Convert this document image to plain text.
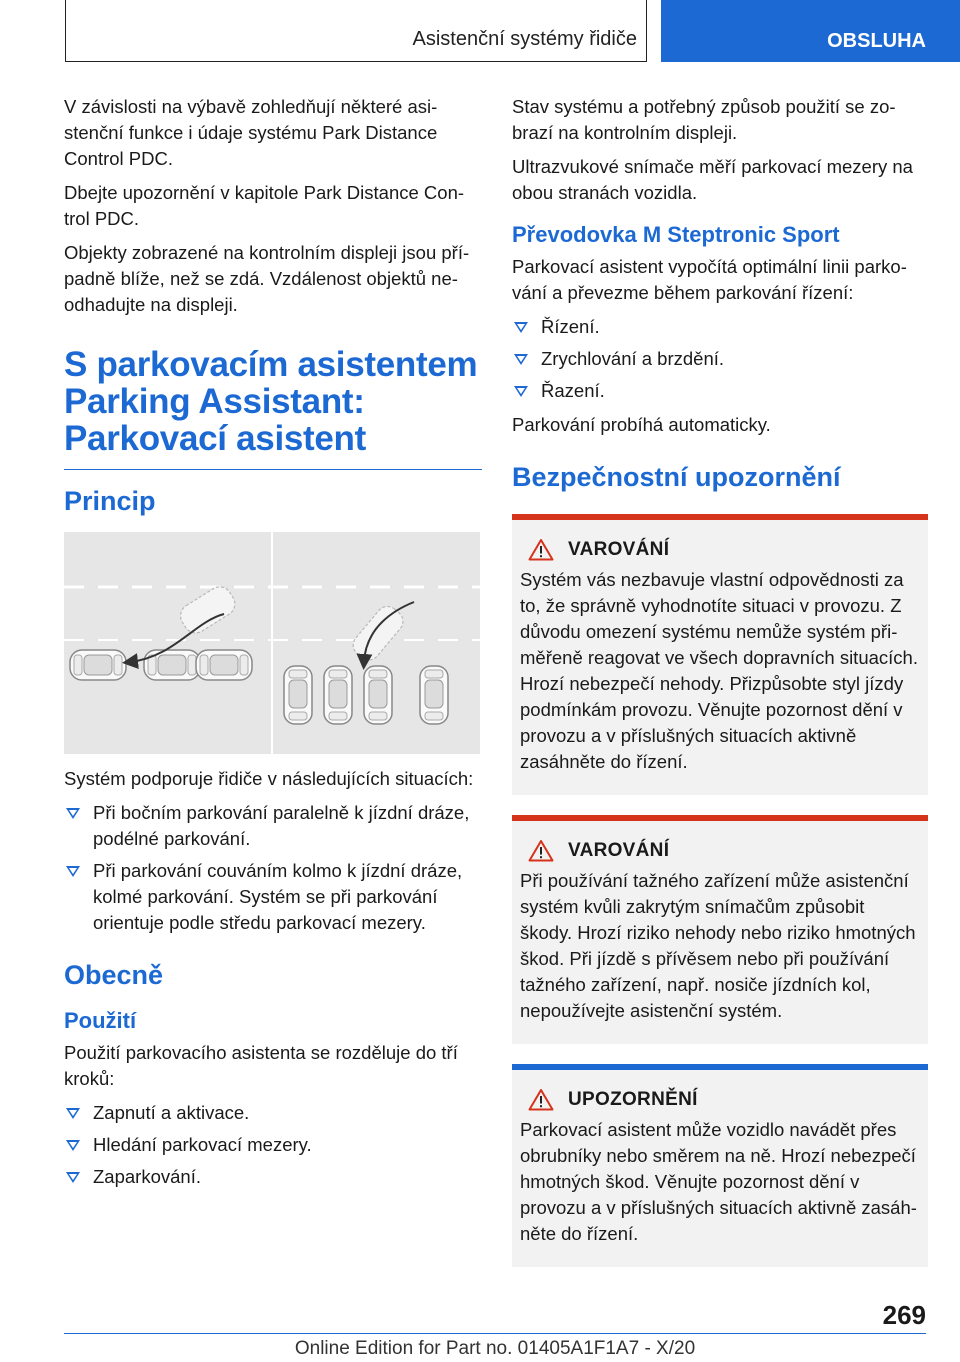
Asistenční systémy řidiče	OBSLUHA

V závislosti na výbavě zohledňují některé asistenční funkce i údaje systému Park Distance Control PDC.

Dbejte upozornění v kapitole Park Distance Control PDC.

Objekty zobrazené na kontrolním displeji jsou případně blíže, než se zdá. Vzdálenost objektů neodhadujte na displeji.

S parkovacím asistentem
Parking Assistant:
Parkovací asistent
Princip

Systém podporuje řidiče v následujících situacích:

Při bočním parkování paralelně k jízdní dráze, podélné parkování.
Při parkování couváním kolmo k jízdní dráze, kolmé parkování. Systém se při parkování orientuje podle středu parkovací mezery.
Obecně
Použití

Použití parkovacího asistenta se rozděluje do tří kroků:

Zapnutí a aktivace.
Hledání parkovací mezery.
Zaparkování.

Stav systému a potřebný způsob použití se zobrazí na kontrolním displeji.

Ultrazvukové snímače měří parkovací mezery na obou stranách vozidla.

Převodovka M Steptronic Sport

Parkovací asistent vypočítá optimální linii parkování a převezme během parkování řízení:

Řízení.
Zrychlování a brzdění.
Řazení.

Parkování probíhá automaticky.

Bezpečnostní upozornění
VAROVÁNÍ

Systém vás nezbavuje vlastní odpovědnosti za to, že správně vyhodnotíte situaci v provozu. Z důvodu omezení systému nemůže systém přiměřeně reagovat ve všech dopravních situacích. Hrozí nebezpečí nehody. Přizpůsobte styl jízdy podmínkám provozu. Věnujte pozornost dění v provozu a v příslušných situacích aktivně zasáhněte do řízení.

VAROVÁNÍ

Při používání tažného zařízení může asistenční systém kvůli zakrytým snímačům způsobit škody. Hrozí riziko nehody nebo riziko hmotných škod. Při jízdě s přívěsem nebo při používání tažného zařízení, např. nosiče jízdních kol, nepoužívejte asistenční systém.

UPOZORNĚNÍ

Parkovací asistent může vozidlo navádět přes obrubníky nebo směrem na ně. Hrozí nebezpečí hmotných škod. Věnujte pozornost dění v provozu a v příslušných situacích aktivně zasáhněte do řízení.

269
Online Edition for Part no. 01405A1F1A7 - X/20
